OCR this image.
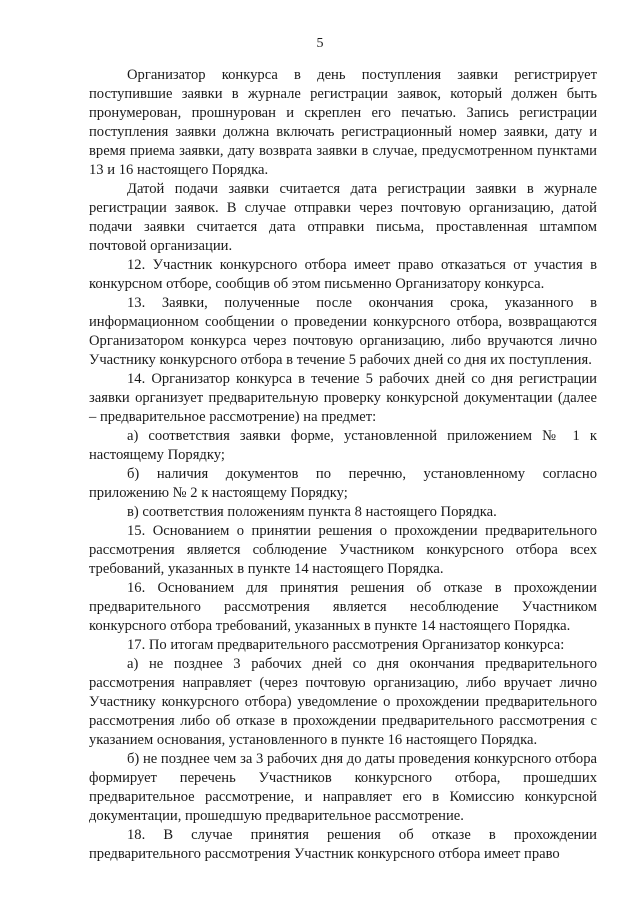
5

Организатор конкурса в день поступления заявки регистрирует поступившие заявки в журнале регистрации заявок, который должен быть пронумерован, прошнурован и скреплен его печатью. Запись регистрации поступления заявки должна включать регистрационный номер заявки, дату и время приема заявки, дату возврата заявки в случае, предусмотренном пунктами 13 и 16 настоящего Порядка.

Датой подачи заявки считается дата регистрации заявки в журнале регистрации заявок. В случае отправки через почтовую организацию, датой подачи заявки считается дата отправки письма, проставленная штампом почтовой организации.

12. Участник конкурсного отбора имеет право отказаться от участия в конкурсном отборе, сообщив об этом письменно Организатору конкурса.

13. Заявки, полученные после окончания срока, указанного в информационном сообщении о проведении конкурсного отбора, возвращаются Организатором конкурса через почтовую организацию, либо вручаются лично Участнику конкурсного отбора в течение 5 рабочих дней со дня их поступления.

14. Организатор конкурса в течение 5 рабочих дней со дня регистрации заявки организует предварительную проверку конкурсной документации (далее – предварительное рассмотрение) на предмет:

а) соответствия заявки форме, установленной приложением № 1 к настоящему Порядку;

б) наличия документов по перечню, установленному согласно приложению № 2 к настоящему Порядку;

в) соответствия положениям пункта 8 настоящего Порядка.

15. Основанием о принятии решения о прохождении предварительного рассмотрения является соблюдение Участником конкурсного отбора всех требований, указанных в пункте 14 настоящего Порядка.

16. Основанием для принятия решения об отказе в прохождении предварительного рассмотрения является несоблюдение Участником конкурсного отбора требований, указанных в пункте 14 настоящего Порядка.

17. По итогам предварительного рассмотрения Организатор конкурса:

а) не позднее 3 рабочих дней со дня окончания предварительного рассмотрения направляет (через почтовую организацию, либо вручает лично Участнику конкурсного отбора) уведомление о прохождении предварительного рассмотрения либо об отказе в прохождении предварительного рассмотрения с указанием основания, установленного в пункте 16 настоящего Порядка.

б) не позднее чем за 3 рабочих дня до даты проведения конкурсного отбора формирует перечень Участников конкурсного отбора, прошедших предварительное рассмотрение, и направляет его в Комиссию конкурсной документации, прошедшую предварительное рассмотрение.

18. В случае принятия решения об отказе в прохождении предварительного рассмотрения Участник конкурсного отбора имеет право
